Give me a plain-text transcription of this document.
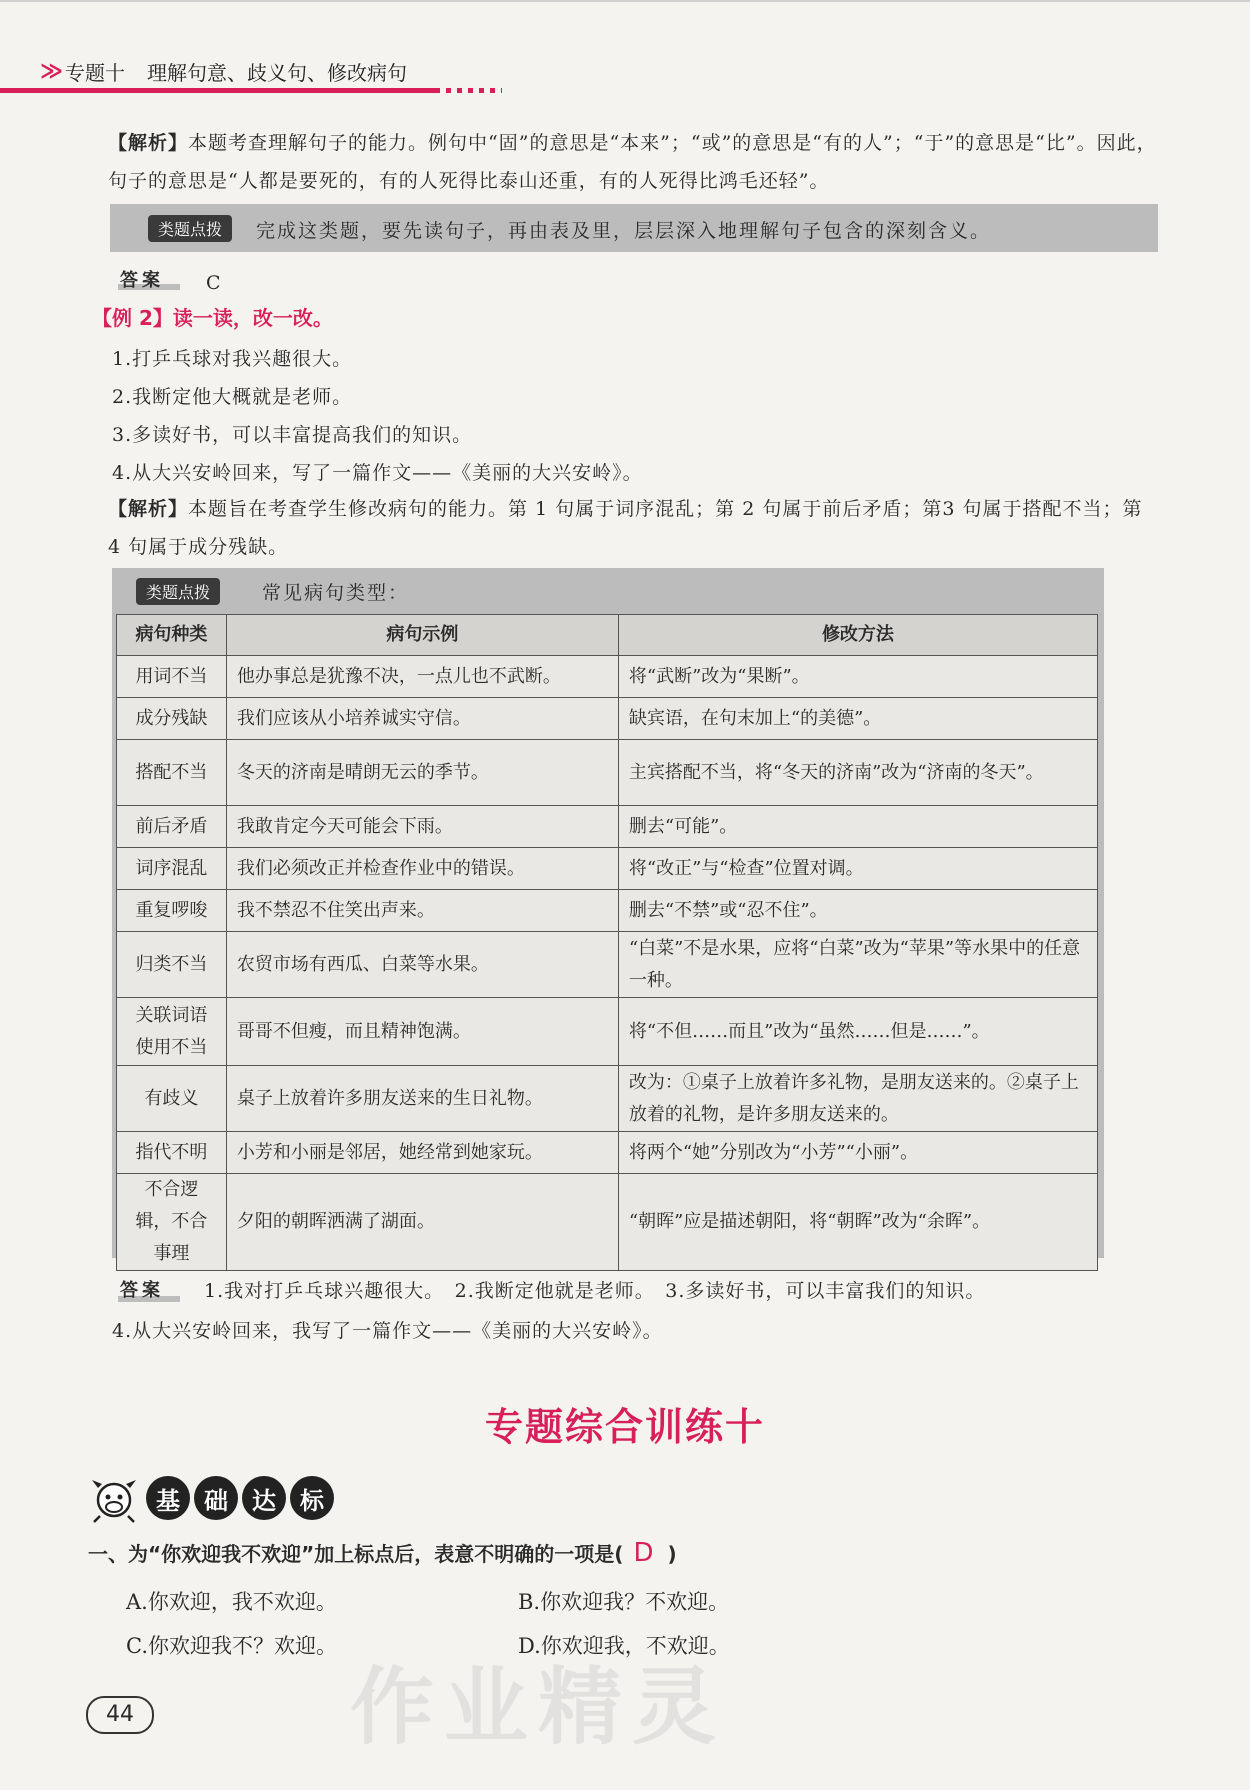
≫ 专题十 理解句意、歧义句、修改病句
【解析】本题考查理解句子的能力。例句中“固”的意思是“本来”；“或”的意思是“有的人”；“于”的意思是“比”。因此，句子的意思是“人都是要死的，有的人死得比泰山还重，有的人死得比鸿毛还轻”。
类题点拨	完成这类题，要先读句子，再由表及里，层层深入地理解句子包含的深刻含义。
答案 C
【例 2】读一读，改一改。
1.打乒乓球对我兴趣很大。
2.我断定他大概就是老师。
3.多读好书，可以丰富提高我们的知识。
4.从大兴安岭回来，写了一篇作文——《美丽的大兴安岭》。
【解析】本题旨在考查学生修改病句的能力。第 1 句属于词序混乱；第 2 句属于前后矛盾；第3 句属于搭配不当；第 4 句属于成分残缺。
类题点拨	常见病句类型：
病句种类	病句示例	修改方法
用词不当	他办事总是犹豫不决，一点儿也不武断。	将“武断”改为“果断”。
成分残缺	我们应该从小培养诚实守信。	缺宾语，在句末加上“的美德”。
搭配不当	冬天的济南是晴朗无云的季节。	主宾搭配不当，将“冬天的济南”改为“济南的冬天”。
前后矛盾	我敢肯定今天可能会下雨。	删去“可能”。
词序混乱	我们必须改正并检查作业中的错误。	将“改正”与“检查”位置对调。
重复啰唆	我不禁忍不住笑出声来。	删去“不禁”或“忍不住”。
归类不当	农贸市场有西瓜、白菜等水果。	“白菜”不是水果，应将“白菜”改为“苹果”等水果中的任意一种。
关联词语使用不当	哥哥不但瘦，而且精神饱满。	将“不但……而且”改为“虽然……但是……”。
有歧义	桌子上放着许多朋友送来的生日礼物。	改为：①桌子上放着许多礼物，是朋友送来的。②桌子上放着的礼物，是许多朋友送来的。
指代不明	小芳和小丽是邻居，她经常到她家玩。	将两个“她”分别改为“小芳”“小丽”。
不合逻辑，不合事理	夕阳的朝晖洒满了湖面。	“朝晖”应是描述朝阳，将“朝晖”改为“余晖”。
答案 1.我对打乒乓球兴趣很大。　2.我断定他就是老师。　3.多读好书，可以丰富我们的知识。
4.从大兴安岭回来，我写了一篇作文——《美丽的大兴安岭》。
专题综合训练十
基	础	达	标
一、为“你欢迎我不欢迎”加上标点后，表意不明确的一项是( D )
A.你欢迎，我不欢迎。	B.你欢迎我？不欢迎。
C.你欢迎我不？欢迎。	D.你欢迎我，不欢迎。
44	作业精灵
